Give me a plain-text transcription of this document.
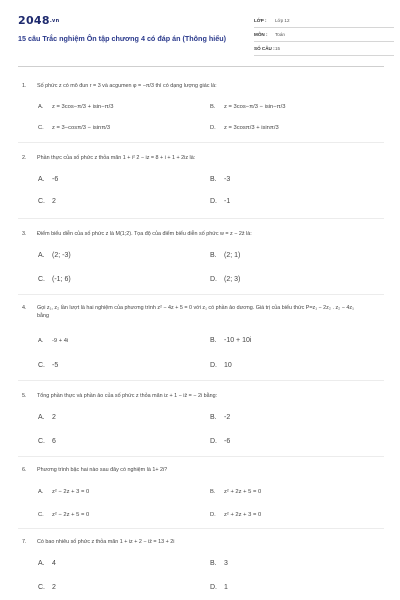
2048.vn
15 câu Trắc nghiệm Ôn tập chương 4 có đáp án (Thông hiểu)
LỚP : Lớp 12
MÔN : Toán
SỐ CÂU : 15
1.	Số phức z có mô đun r = 3 và acgumen φ = −π/3 thì có dạng lượng giác là:
A. z = 3cos−π/3 + isin−π/3	B. z = 3cos−π/3 − isin−π/3
C. z = 3−cosπ/3 − isinπ/3	D. z = 3cosπ/3 + isinπ/3
2.	Phần thực của số phức z thỏa mãn 1 + i² 2 − iz = 8 + i + 1 + 2iz là:
A. -6	B. -3
C. 2	D. -1
3.	Điểm biểu diễn của số phức z là M(1;2). Tọa độ của điểm biểu diễn số phức w = z − 2z̄ là:
A. (2; -3)	B. (2; 1)
C. (-1; 6)	D. (2; 3)
4.	Gọi z₁, z₂ lần lượt là hai nghiệm của phương trình z² − 4z + 5 = 0 với z₁ có phần ảo dương. Giá trị của biểu thức P=z₁ − 2z₂ . z₂ − 4z₁ bằng
A. -9 + 4i	B. -10 + 10i
C. -5	D. 10
5.	Tổng phần thực và phần ảo của số phức z thỏa mãn iz + 1 − iz̄ = − 2i bằng:
A. 2	B. -2
C. 6	D. -6
6.	Phương trình bậc hai nào sau đây có nghiệm là 1+ 2i?
A. z² − 2z + 3 = 0	B. z² + 2z + 5 = 0
C. z² − 2z + 5 = 0	D. z² + 2z + 3 = 0
7.	Có bao nhiêu số phức z thỏa mãn 1 + iz + 2 − iz̄ = 13 + 2i
A. 4	B. 3
C. 2	D. 1
